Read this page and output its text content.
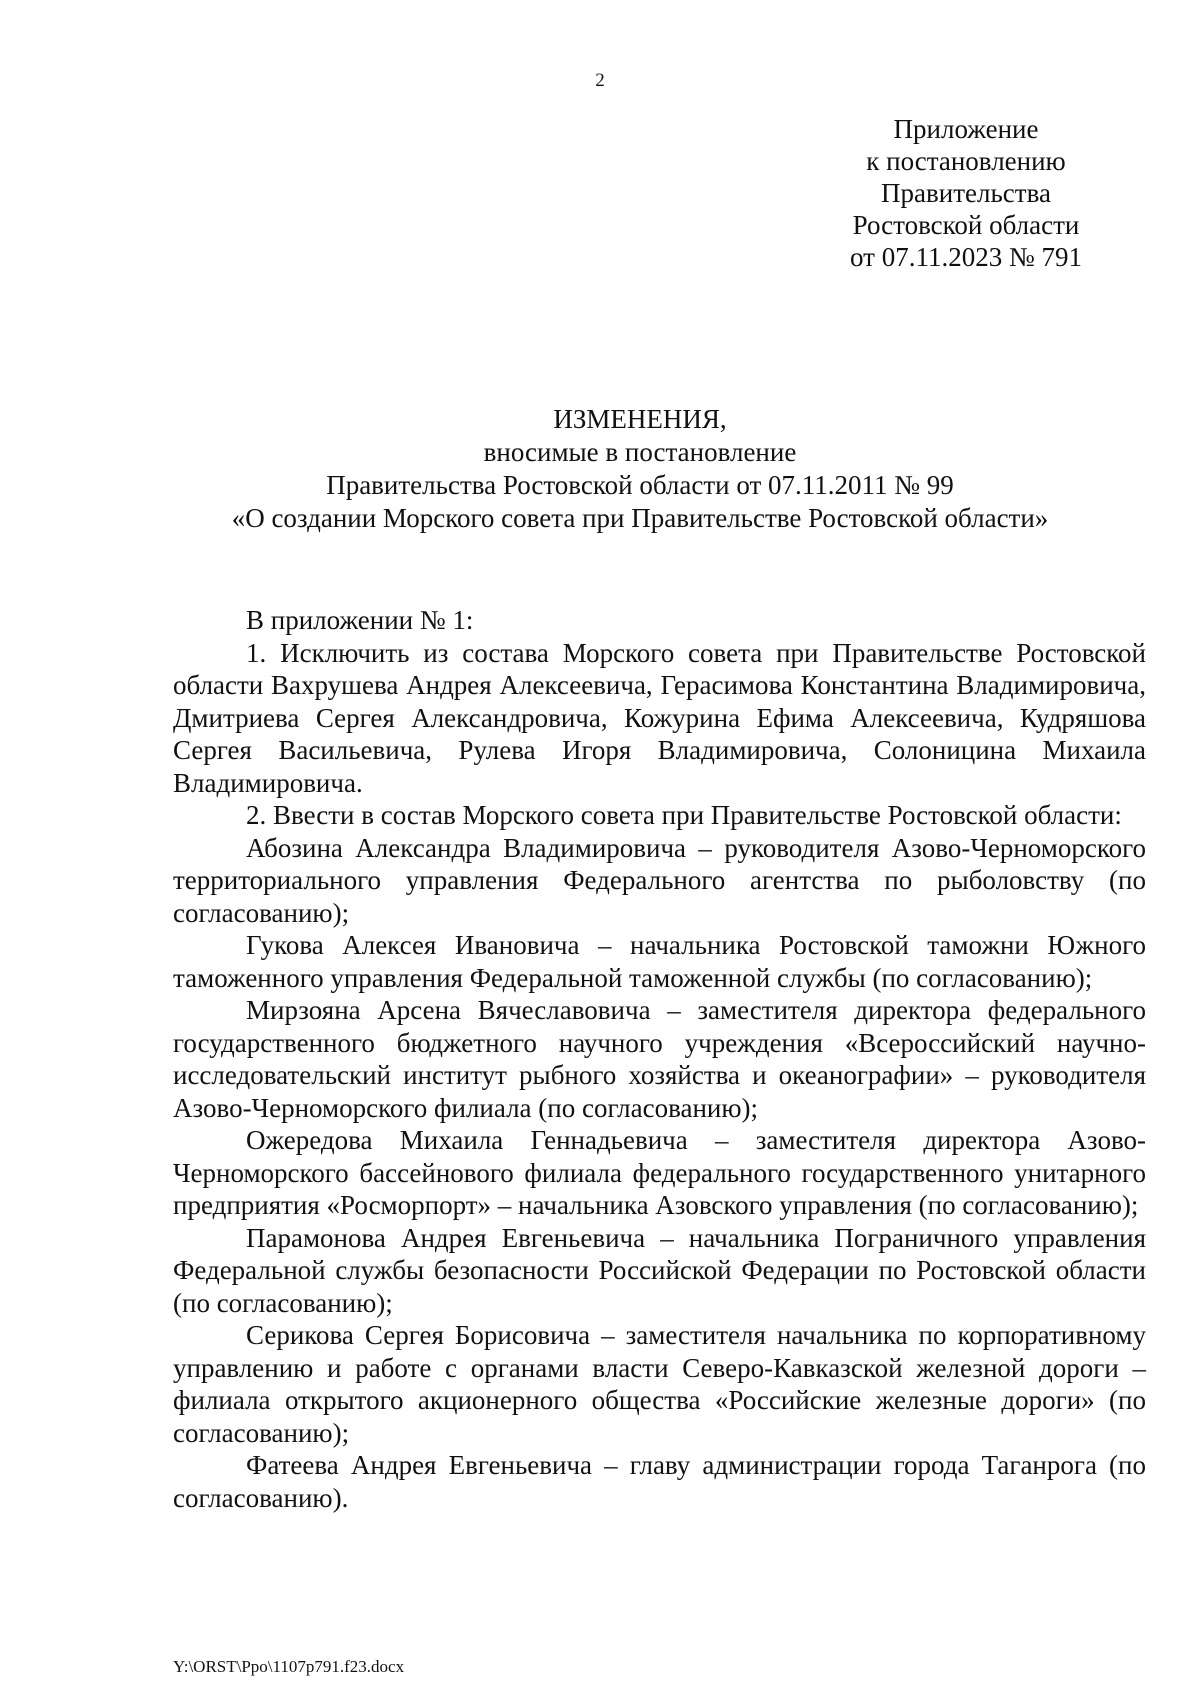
2
Приложение
к постановлению
Правительства
Ростовской области
от 07.11.2023 № 791
ИЗМЕНЕНИЯ,
вносимые в постановление
Правительства Ростовской области от 07.11.2011 № 99
«О создании Морского совета при Правительстве Ростовской области»

В приложении № 1:

1. Исключить из состава Морского совета при Правительстве Ростовской области Вахрушева Андрея Алексеевича, Герасимова Константина Владимировича, Дмитриева Сергея Александровича, Кожурина Ефима Алексеевича, Кудряшова Сергея Васильевича, Рулева Игоря Владимировича, Солоницина Михаила Владимировича.

2. Ввести в состав Морского совета при Правительстве Ростовской области:

Абозина Александра Владимировича – руководителя Азово-Черноморского территориального управления Федерального агентства по рыболовству (по согласованию);

Гукова Алексея Ивановича – начальника Ростовской таможни Южного таможенного управления Федеральной таможенной службы (по согласованию);

Мирзояна Арсена Вячеславовича – заместителя директора федерального государственного бюджетного научного учреждения «Всероссийский научно-исследовательский институт рыбного хозяйства и океанографии» – руководителя Азово-Черноморского филиала (по согласованию);

Ожередова Михаила Геннадьевича – заместителя директора Азово-Черноморского бассейнового филиала федерального государственного унитарного предприятия «Росморпорт» – начальника Азовского управления (по согласованию);

Парамонова Андрея Евгеньевича – начальника Пограничного управления Федеральной службы безопасности Российской Федерации по Ростовской области (по согласованию);

Серикова Сергея Борисовича – заместителя начальника по корпоративному управлению и работе с органами власти Северо-Кавказской железной дороги – филиала открытого акционерного общества «Российские железные дороги» (по согласованию);

Фатеева Андрея Евгеньевича – главу администрации города Таганрога (по согласованию).

Y:\ORST\Ppo\1107p791.f23.docx
